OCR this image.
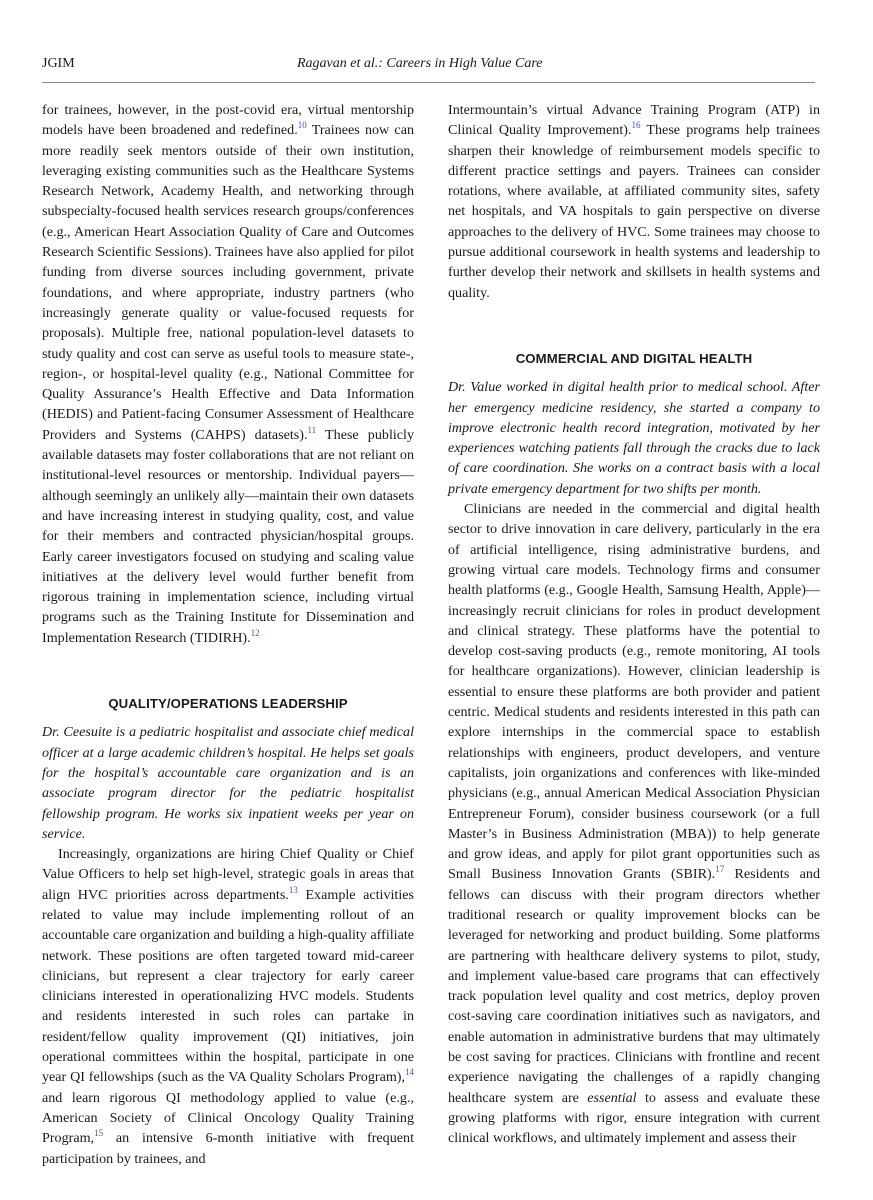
JGIM	Ragavan et al.: Careers in High Value Care

for trainees, however, in the post-covid era, virtual mentorship models have been broadened and redefined.$^{10}$ Trainees now can more readily seek mentors outside of their own institution, leveraging existing communities such as the Healthcare Systems Research Network, Academy Health, and networking through subspecialty-focused health services research groups/conferences (e.g., American Heart Association Quality of Care and Outcomes Research Scientific Sessions). Trainees have also applied for pilot funding from diverse sources including government, private foundations, and where appropriate, industry partners (who increasingly generate quality or value-focused requests for proposals). Multiple free, national population-level datasets to study quality and cost can serve as useful tools to measure state-, region-, or hospital-level quality (e.g., National Committee for Quality Assurance’s Health Effective and Data Information (HEDIS) and Patient-facing Consumer Assessment of Healthcare Providers and Systems (CAHPS) datasets).$^{11}$ These publicly available datasets may foster collaborations that are not reliant on institutional-level resources or mentorship. Individual payers—although seemingly an unlikely ally—maintain their own datasets and have increasing interest in studying quality, cost, and value for their members and contracted physician/hospital groups. Early career investigators focused on studying and scaling value initiatives at the delivery level would further benefit from rigorous training in implementation science, including virtual programs such as the Training Institute for Dissemination and Implementation Research (TIDIRH).$^{12}$

QUALITY/OPERATIONS LEADERSHIP

Dr. Ceesuite is a pediatric hospitalist and associate chief medical officer at a large academic children’s hospital. He helps set goals for the hospital’s accountable care organization and is an associate program director for the pediatric hospitalist fellowship program. He works six inpatient weeks per year on service.

Increasingly, organizations are hiring Chief Quality or Chief Value Officers to help set high-level, strategic goals in areas that align HVC priorities across departments.$^{13}$ Example activities related to value may include implementing rollout of an accountable care organization and building a high-quality affiliate network. These positions are often targeted toward mid-career clinicians, but represent a clear trajectory for early career clinicians interested in operationalizing HVC models. Students and residents interested in such roles can partake in resident/fellow quality improvement (QI) initiatives, join operational committees within the hospital, participate in one year QI fellowships (such as the VA Quality Scholars Program),$^{14}$ and learn rigorous QI methodology applied to value (e.g., American Society of Clinical Oncology Quality Training Program,$^{15}$ an intensive 6-month initiative with frequent participation by trainees, and

Intermountain’s virtual Advance Training Program (ATP) in Clinical Quality Improvement).$^{16}$ These programs help trainees sharpen their knowledge of reimbursement models specific to different practice settings and payers. Trainees can consider rotations, where available, at affiliated community sites, safety net hospitals, and VA hospitals to gain perspective on diverse approaches to the delivery of HVC. Some trainees may choose to pursue additional coursework in health systems and leadership to further develop their network and skillsets in health systems and quality.

COMMERCIAL AND DIGITAL HEALTH

Dr. Value worked in digital health prior to medical school. After her emergency medicine residency, she started a company to improve electronic health record integration, motivated by her experiences watching patients fall through the cracks due to lack of care coordination. She works on a contract basis with a local private emergency department for two shifts per month.

Clinicians are needed in the commercial and digital health sector to drive innovation in care delivery, particularly in the era of artificial intelligence, rising administrative burdens, and growing virtual care models. Technology firms and consumer health platforms (e.g., Google Health, Samsung Health, Apple)—increasingly recruit clinicians for roles in product development and clinical strategy. These platforms have the potential to develop cost-saving products (e.g., remote monitoring, AI tools for healthcare organizations). However, clinician leadership is essential to ensure these platforms are both provider and patient centric. Medical students and residents interested in this path can explore internships in the commercial space to establish relationships with engineers, product developers, and venture capitalists, join organizations and conferences with like-minded physicians (e.g., annual American Medical Association Physician Entrepreneur Forum), consider business coursework (or a full Master’s in Business Administration (MBA)) to help generate and grow ideas, and apply for pilot grant opportunities such as Small Business Innovation Grants (SBIR).$^{17}$ Residents and fellows can discuss with their program directors whether traditional research or quality improvement blocks can be leveraged for networking and product building. Some platforms are partnering with healthcare delivery systems to pilot, study, and implement value-based care programs that can effectively track population level quality and cost metrics, deploy proven cost-saving care coordination initiatives such as navigators, and enable automation in administrative burdens that may ultimately be cost saving for practices. Clinicians with frontline and recent experience navigating the challenges of a rapidly changing healthcare system are essential to assess and evaluate these growing platforms with rigor, ensure integration with current clinical workflows, and ultimately implement and assess their
